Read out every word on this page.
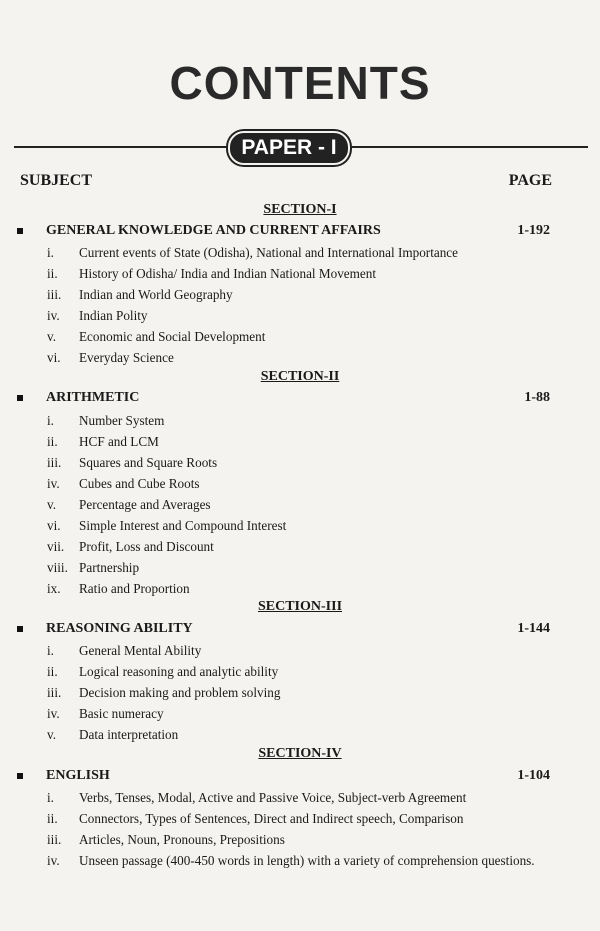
CONTENTS
PAPER - I
SUBJECT	PAGE
SECTION-I
GENERAL KNOWLEDGE AND CURRENT AFFAIRS	1-192
i. Current events of State (Odisha), National and International Importance
ii. History of Odisha/ India and Indian National Movement
iii. Indian and World Geography
iv. Indian Polity
v. Economic and Social Development
vi. Everyday Science
SECTION-II
ARITHMETIC	1-88
i. Number System
ii. HCF and LCM
iii. Squares and Square Roots
iv. Cubes and Cube Roots
v. Percentage and Averages
vi. Simple Interest and Compound Interest
vii. Profit, Loss and Discount
viii. Partnership
ix. Ratio and Proportion
SECTION-III
REASONING ABILITY	1-144
i. General Mental Ability
ii. Logical reasoning and analytic ability
iii. Decision making and problem solving
iv. Basic numeracy
v. Data interpretation
SECTION-IV
ENGLISH	1-104
i. Verbs, Tenses, Modal, Active and Passive Voice, Subject-verb Agreement
ii. Connectors, Types of Sentences, Direct and Indirect speech, Comparison
iii. Articles, Noun, Pronouns, Prepositions
iv. Unseen passage (400-450 words in length) with a variety of comprehension questions.
